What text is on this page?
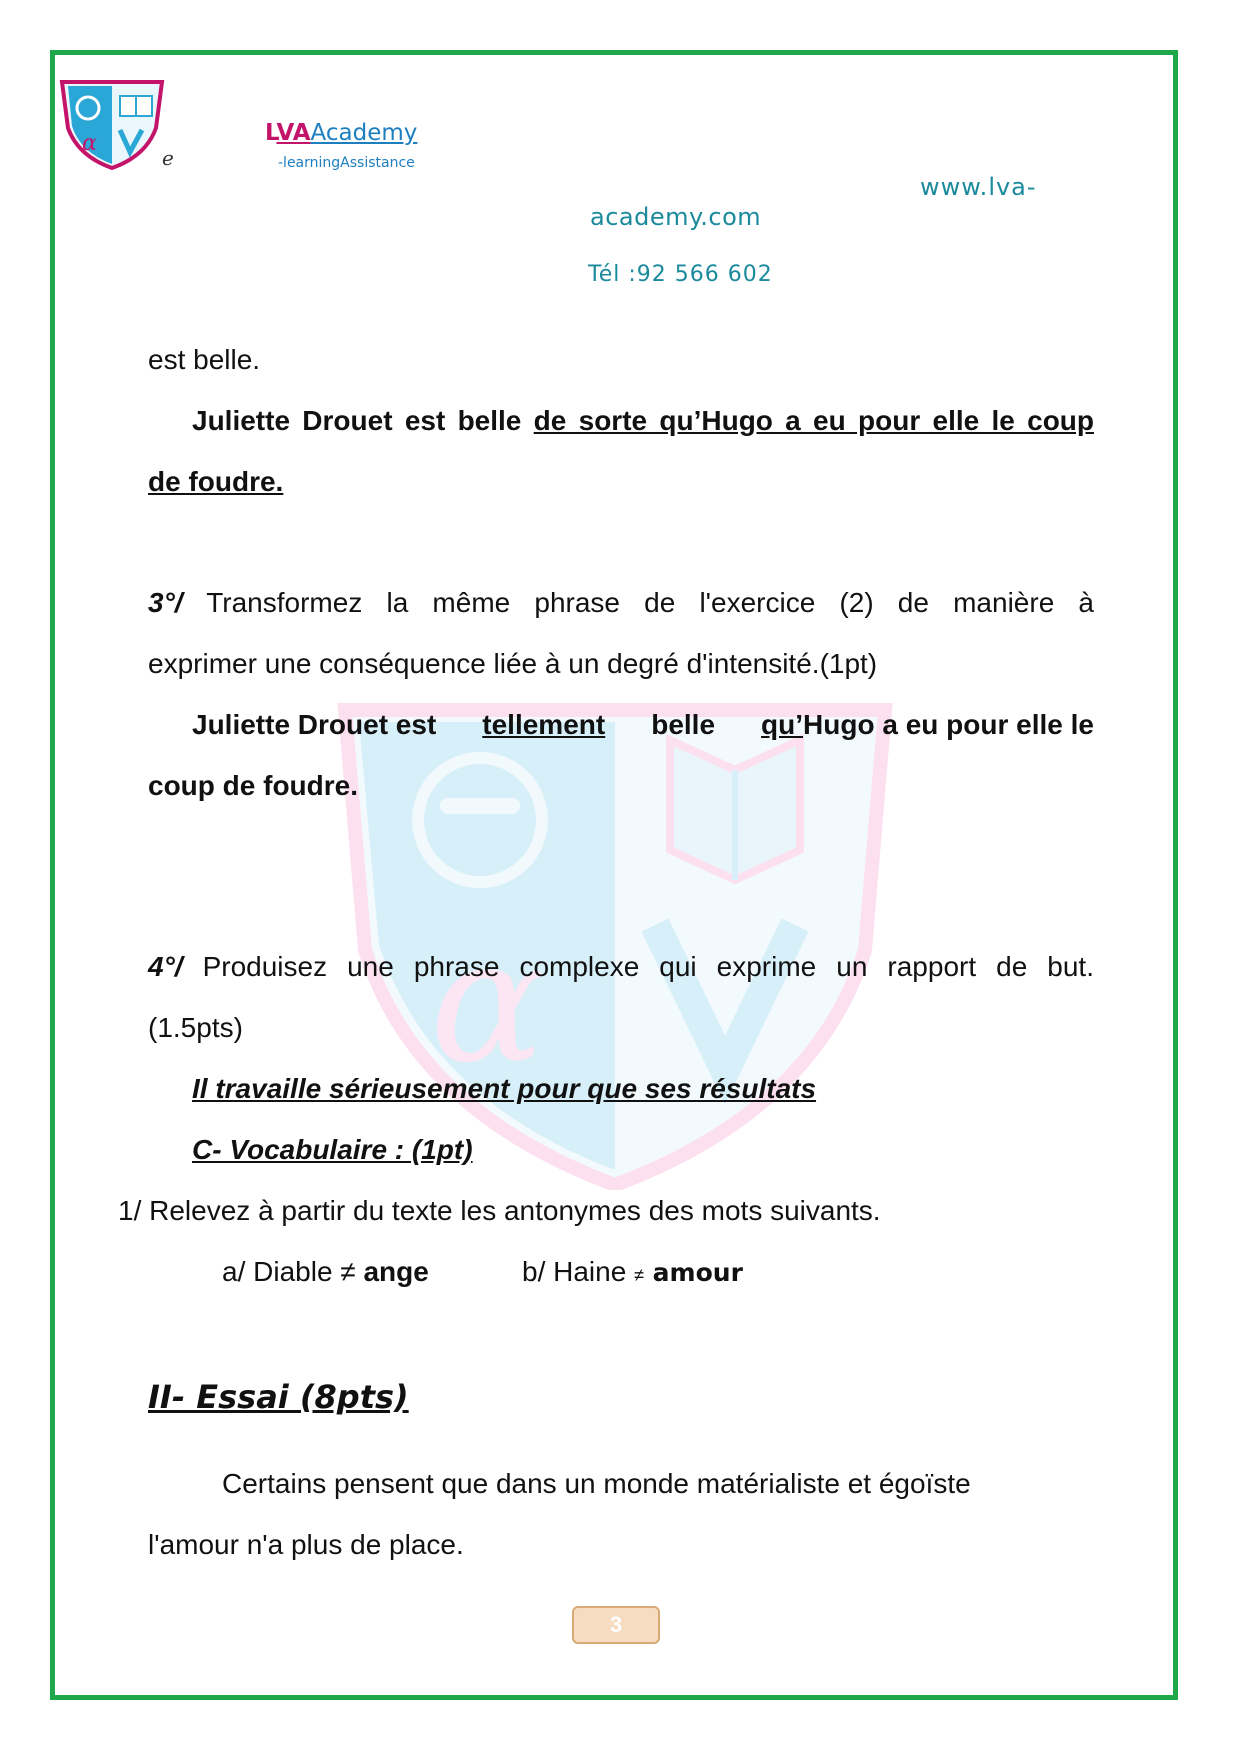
α
e
LVAAcademy
-learningAssistance
www.lva-
academy.com
Tél :92 566 602
α
est belle.
Juliette Drouet est belle de sorte qu’Hugo a eu pour elle le coup
de foudre.
3°/ Transformez la même phrase de l'exercice (2) de manière à
exprimer une conséquence liée à un degré d'intensité.(1pt)
Juliette Drouet est tellement belle qu’Hugo a eu pour elle le
coup de foudre.
4°/ Produisez une phrase complexe qui exprime un rapport de but.
(1.5pts)
Il travaille sérieusement pour que ses résultats
C- Vocabulaire : (1pt)
1/ Relevez à partir du texte les antonymes des mots suivants.
a/ Diable ≠ ange	b/ Haine ≠ amour
II- Essai (8pts)
Certains pensent que dans un monde matérialiste et égoïste
l'amour n'a plus de place.
3
